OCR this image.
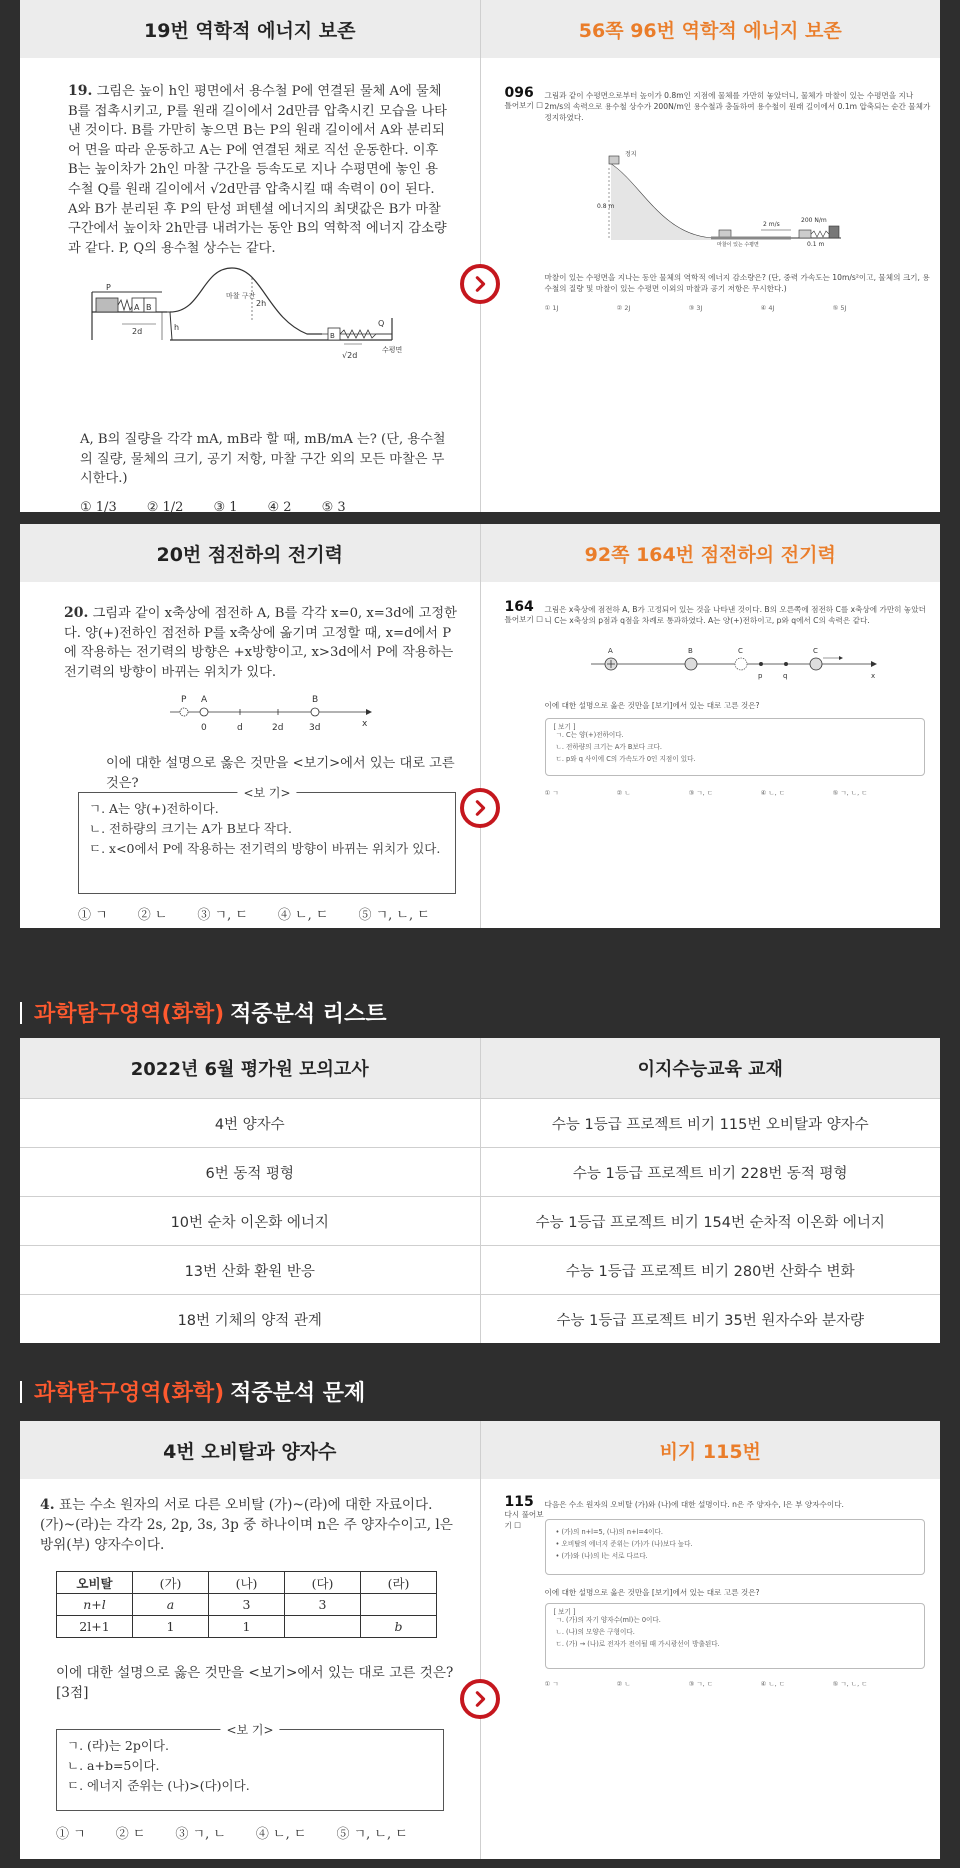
19번 역학적 에너지 보존	56쪽 96번 역학적 에너지 보존
19. 그림은 높이 h인 평면에서 용수철 P에 연결된 물체 A에 물체 B를 접촉시키고, P를 원래 길이에서 2d만큼 압축시킨 모습을 나타낸 것이다. B를 가만히 놓으면 B는 P의 원래 길이에서 A와 분리되어 면을 따라 운동하고 A는 P에 연결된 채로 직선 운동한다. 이후 B는 높이차가 2h인 마찰 구간을 등속도로 지나 수평면에 놓인 용수철 Q를 원래 길이에서 √2d만큼 압축시킬 때 속력이 0이 된다. A와 B가 분리된 후 P의 탄성 퍼텐셜 에너지의 최댓값은 B가 마찰 구간에서 높이차 2h만큼 내려가는 동안 B의 역학적 에너지 감소량과 같다. P, Q의 용수철 상수는 같다.
P
A B
2d	h
마찰 구간
2h
Q
B
√2d
수평면
A, B의 질량을 각각 mA, mB라 할 때, mB/mA 는? (단, 용수철의 질량, 물체의 크기, 공기 저항, 마찰 구간 외의 모든 마찰은 무시한다.)
① 1/3 ② 1/2 ③ 1 ④ 2 ⑤ 3
096
틀어보기 ☐
그림과 같이 수평면으로부터 높이가 0.8m인 지점에 물체를 가만히 놓았더니, 물체가 마찰이 있는 수평면을 지나 2m/s의 속력으로 용수철 상수가 200N/m인 용수철과 충돌하여 용수철이 원래 길이에서 0.1m 압축되는 순간 물체가 정지하였다.
정지
0.8 m
마찰이 있는 수평면
2 m/s
200 N/m
0.1 m
마찰이 있는 수평면을 지나는 동안 물체의 역학적 에너지 감소량은? (단, 중력 가속도는 10m/s²이고, 물체의 크기, 용수철의 질량 및 마찰이 있는 수평면 이외의 마찰과 공기 저항은 무시한다.)
① 1J	② 2J	③ 3J	④ 4J	⑤ 5J
20번 점전하의 전기력	92쪽 164번 점전하의 전기력
20. 그림과 같이 x축상에 점전하 A, B를 각각 x=0, x=3d에 고정한다. 양(+)전하인 점전하 P를 x축상에 옮기며 고정할 때, x=d에서 P에 작용하는 전기력의 방향은 +x방향이고, x>3d에서 P에 작용하는 전기력의 방향이 바뀌는 위치가 있다.
P A	B
0	d	2d	3d	x
이에 대한 설명으로 옳은 것만을 <보기>에서 있는 대로 고른 것은?
<보 기>
ㄱ. A는 양(+)전하이다.
ㄴ. 전하량의 크기는 A가 B보다 작다.
ㄷ. x<0에서 P에 작용하는 전기력의 방향이 바뀌는 위치가 있다.
① ㄱ ② ㄴ ③ ㄱ, ㄷ ④ ㄴ, ㄷ ⑤ ㄱ, ㄴ, ㄷ
164
틀어보기 ☐
그림은 x축상에 점전하 A, B가 고정되어 있는 것을 나타낸 것이다. B의 오른쪽에 점전하 C를 x축상에 가만히 놓았더니 C는 x축상의 p점과 q점을 차례로 통과하였다. A는 양(+)전하이고, p와 q에서 C의 속력은 같다.
A	B	C	C
p	q	x
이에 대한 설명으로 옳은 것만을 [보기]에서 있는 대로 고른 것은?
[ 보기 ]
ㄱ. C는 양(+)전하이다.
ㄴ. 전하량의 크기는 A가 B보다 크다.
ㄷ. p와 q 사이에 C의 가속도가 0인 지점이 있다.
① ㄱ	② ㄴ	③ ㄱ, ㄷ	④ ㄴ, ㄷ	⑤ ㄱ, ㄴ, ㄷ
과학탐구영역(화학) 적중분석 리스트
2022년 6월 평가원 모의고사	이지수능교육 교재
4번 양자수	수능 1등급 프로젝트 비기 115번 오비탈과 양자수
6번 동적 평형	수능 1등급 프로젝트 비기 228번 동적 평형
10번 순차 이온화 에너지	수능 1등급 프로젝트 비기 154번 순차적 이온화 에너지
13번 산화 환원 반응	수능 1등급 프로젝트 비기 280번 산화수 변화
18번 기체의 양적 관계	수능 1등급 프로젝트 비기 35번 원자수와 분자량
과학탐구영역(화학) 적중분석 문제
4번 오비탈과 양자수	비기 115번
4. 표는 수소 원자의 서로 다른 오비탈 (가)~(라)에 대한 자료이다. (가)~(라)는 각각 2s, 2p, 3s, 3p 중 하나이며 n은 주 양자수이고, l은 방위(부) 양자수이다.
오비탈	(가)	(나)	(다)	(라)
n+l	a	3	3	
2l+1	1	1		b
이에 대한 설명으로 옳은 것만을 <보기>에서 있는 대로 고른 것은? [3점]
<보 기>
ㄱ. (라)는 2p이다.
ㄴ. a+b=5이다.
ㄷ. 에너지 준위는 (나)>(다)이다.
① ㄱ ② ㄷ ③ ㄱ, ㄴ ④ ㄴ, ㄷ ⑤ ㄱ, ㄴ, ㄷ
115
다시 풀어보기 ☐
다음은 수소 원자의 오비탈 (가)와 (나)에 대한 설명이다. n은 주 양자수, l은 부 양자수이다.
• (가)의 n+l=5, (나)의 n+l=4이다.
• 오비탈의 에너지 준위는 (가)가 (나)보다 높다.
• (가)와 (나)의 l는 서로 다르다.
이에 대한 설명으로 옳은 것만을 [보기]에서 있는 대로 고른 것은?
[ 보기 ]
ㄱ. (가)의 자기 양자수(ml)는 0이다.
ㄴ. (나)의 모양은 구형이다.
ㄷ. (가) → (나)로 전자가 전이될 때 가시광선이 방출된다.
① ㄱ	② ㄴ	③ ㄱ, ㄷ	④ ㄴ, ㄷ	⑤ ㄱ, ㄴ, ㄷ
